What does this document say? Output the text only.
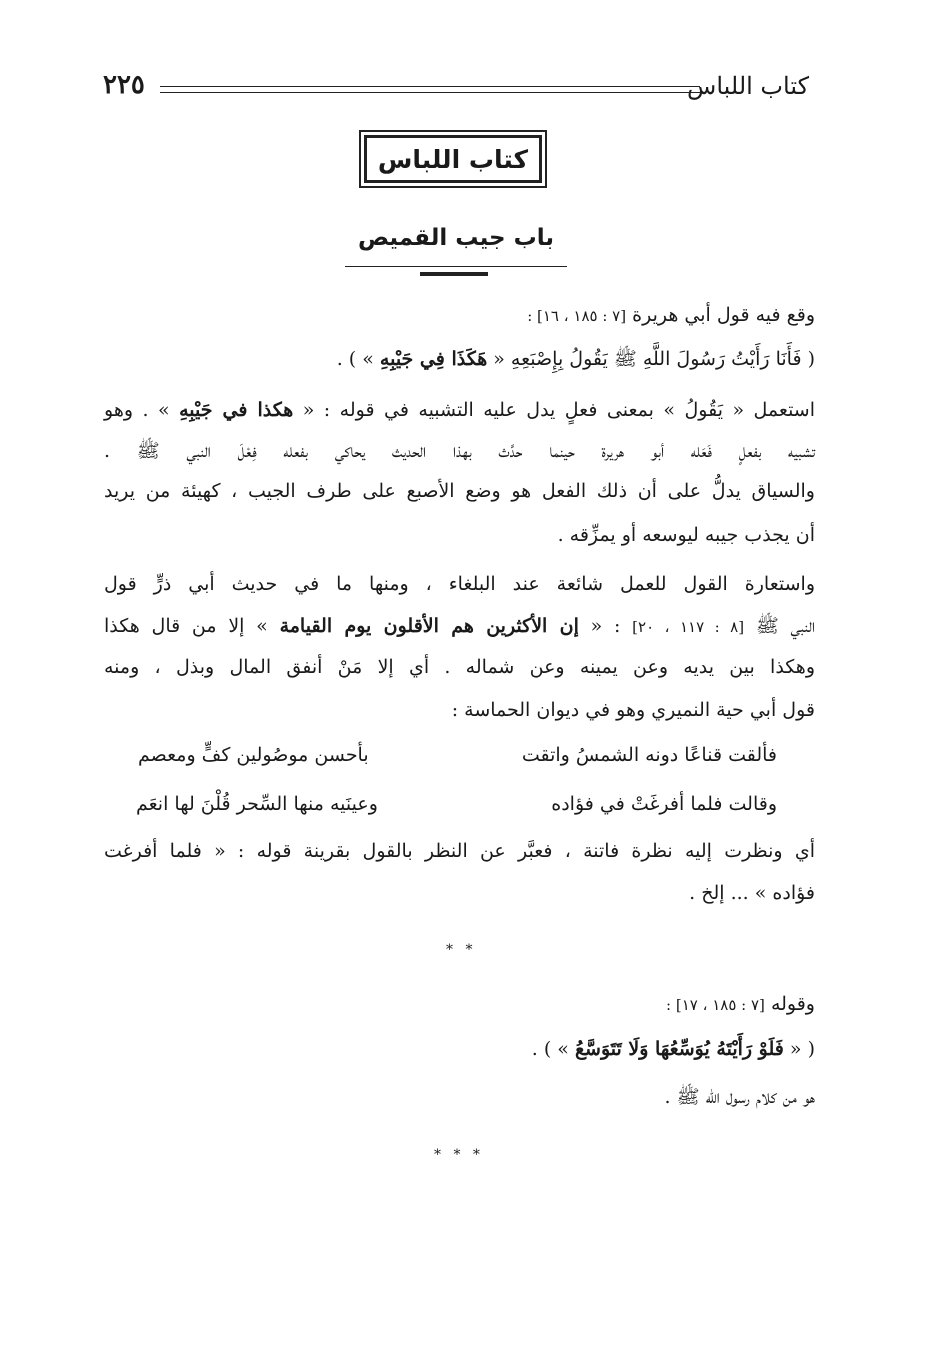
كتاب اللباس
٢٢٥
كتاب اللباس
باب جيب القميص
وقع فيه قول أبي هريرة [٧ : ١٨٥ ، ١٦] :
( فَأَنَا رَأَيْتُ رَسُولَ اللَّهِ ﷺ يَقُولُ بِإِصْبَعِهِ « هَكَذَا فِي جَيْبِهِ » ) .
استعمل « يَقُولُ » بمعنى فعلٍ يدل عليه التشبيه في قوله : « هكذا في جَيْبِهِ » . وهو
تشبيه بفعلٍ فَعَله أبو هريرة حينما حدَّث بهذا الحديث يحاكي بفعله فِعْلَ النبي ﷺ .
والسياق يدلُّ على أن ذلك الفعل هو وضع الأصبع على طرف الجيب ، كهيئة من يريد
أن يجذب جيبه ليوسعه أو يمزِّقه .
واستعارة القول للعمل شائعة عند البلغاء ، ومنها ما في حديث أبي ذرٍّ قول
النبي ﷺ [٨ : ١١٧ ، ٢٠] : « إن الأكثرين هم الأقلون يوم القيامة » إلا من قال هكذا
وهكذا بين يديه وعن يمينه وعن شماله . أي إلا مَنْ أنفق المال وبذل ، ومنه
قول أبي حية النميري وهو في ديوان الحماسة :
فألقت قناعًا دونه الشمسُ واتقت
بأحسن موصُولين كفٍّ ومعصم
وقالت فلما أفرغَتْ في فؤاده
وعينَيه منها السِّحر قُلْنَ لها انعَم
أي ونظرت إليه نظرة فاتنة ، فعبَّر عن النظر بالقول بقرينة قوله : « فلما أفرغت
فؤاده » ... إلخ .
* *
وقوله [٧ : ١٨٥ ، ١٧] :
( « فَلَوْ رَأَيْتَهُ يُوَسِّعُهَا وَلَا تَتَوَسَّعُ » ) .
هو من كلام رسول الله ﷺ .
* * *
